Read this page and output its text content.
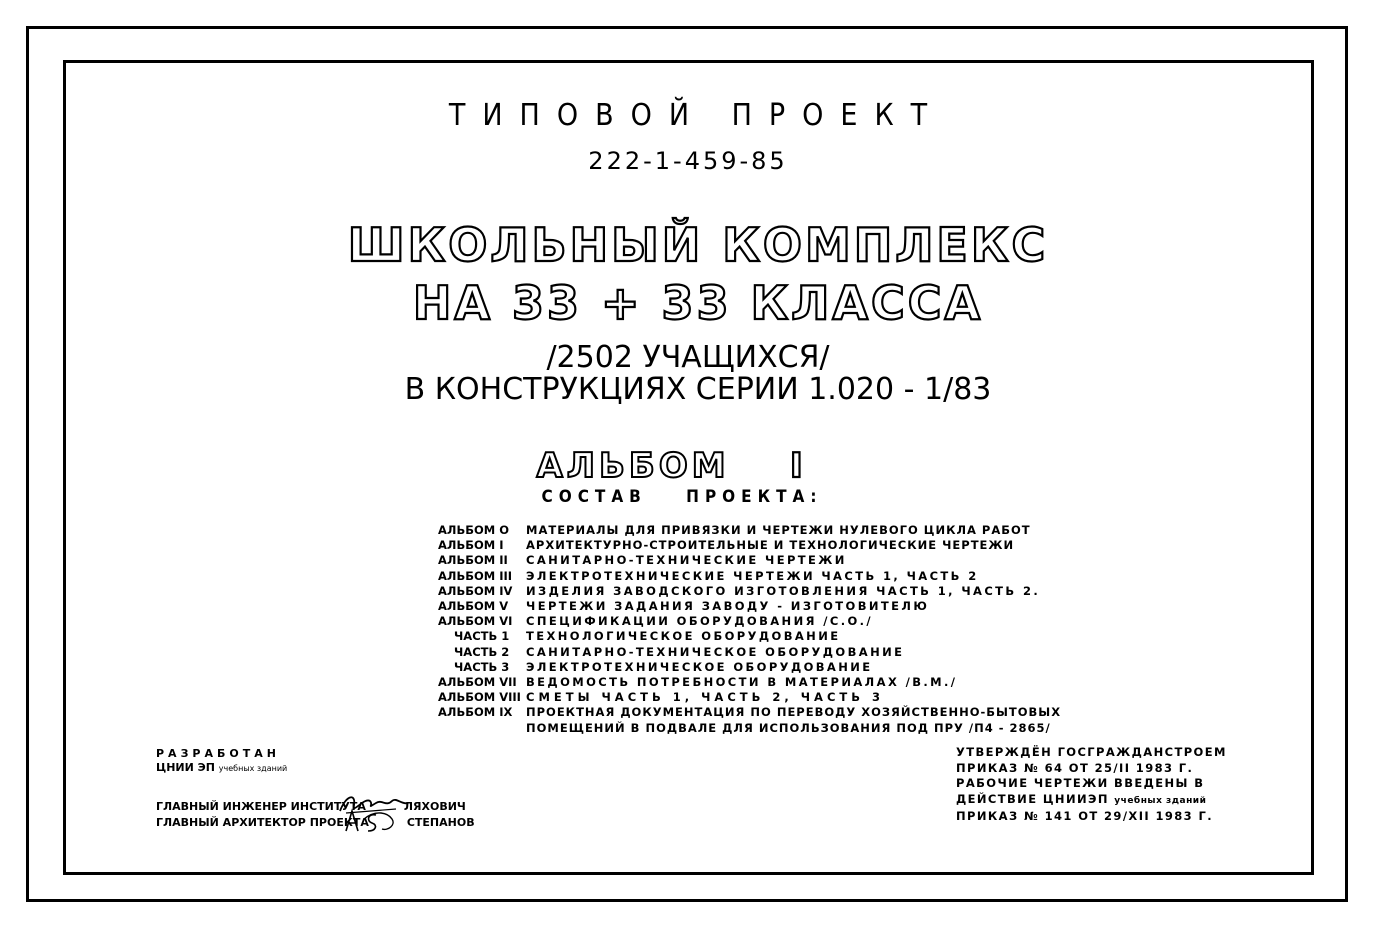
ТИПОВОЙ ПРОЕКТ
222-1-459-85
ШКОЛЬНЫЙ КОМПЛЕКС
НА 33 + 33 КЛАССА
/2502 УЧАЩИХСЯ/
В КОНСТРУКЦИЯХ СЕРИИ 1.020 - 1/83
АЛЬБОМ	I
СОСТАВ ПРОЕКТА:
АЛЬБОМ О	МАТЕРИАЛЫ ДЛЯ ПРИВЯЗКИ И ЧЕРТЕЖИ НУЛЕВОГО ЦИКЛА РАБОТ
АЛЬБОМ I	АРХИТЕКТУРНО-СТРОИТЕЛЬНЫЕ И ТЕХНОЛОГИЧЕСКИЕ ЧЕРТЕЖИ
АЛЬБОМ II	САНИТАРНО-ТЕХНИЧЕСКИЕ ЧЕРТЕЖИ
АЛЬБОМ III	ЭЛЕКТРОТЕХНИЧЕСКИЕ ЧЕРТЕЖИ ЧАСТЬ 1, ЧАСТЬ 2
АЛЬБОМ IV	ИЗДЕЛИЯ ЗАВОДСКОГО ИЗГОТОВЛЕНИЯ ЧАСТЬ 1, ЧАСТЬ 2.
АЛЬБОМ V	ЧЕРТЕЖИ ЗАДАНИЯ ЗАВОДУ - ИЗГОТОВИТЕЛЮ
АЛЬБОМ VI	СПЕЦИФИКАЦИИ ОБОРУДОВАНИЯ /С.О./
ЧАСТЬ 1	ТЕХНОЛОГИЧЕСКОЕ ОБОРУДОВАНИЕ
ЧАСТЬ 2	САНИТАРНО-ТЕХНИЧЕСКОЕ ОБОРУДОВАНИЕ
ЧАСТЬ 3	ЭЛЕКТРОТЕХНИЧЕСКОЕ ОБОРУДОВАНИЕ
АЛЬБОМ VII ВЕДОМОСТЬ ПОТРЕБНОСТИ В МАТЕРИАЛАХ /В.М./
АЛЬБОМ VIII СМЕТЫ ЧАСТЬ 1, ЧАСТЬ 2, ЧАСТЬ 3
АЛЬБОМ IX	ПРОЕКТНАЯ ДОКУМЕНТАЦИЯ ПО ПЕРЕВОДУ ХОЗЯЙСТВЕННО-БЫТОВЫХ
ПОМЕЩЕНИЙ В ПОДВАЛЕ ДЛЯ ИСПОЛЬЗОВАНИЯ ПОД ПРУ /П4 - 2865/
РАЗРАБОТАН
ЦНИИ ЭП учебных зданий
ГЛАВНЫЙ ИНЖЕНЕР ИНСТИТУТА	ЛЯХОВИЧ
ГЛАВНЫЙ АРХИТЕКТОР ПРОЕКТА	СТЕПАНОВ
УТВЕРЖДЁН ГОСГРАЖДАНСТРОЕМ
ПРИКАЗ № 64 ОТ 25/II 1983 Г.
РАБОЧИЕ ЧЕРТЕЖИ ВВЕДЕНЫ В
ДЕЙСТВИЕ ЦНИИЭП учебных зданий
ПРИКАЗ № 141 ОТ 29/XII 1983 Г.
